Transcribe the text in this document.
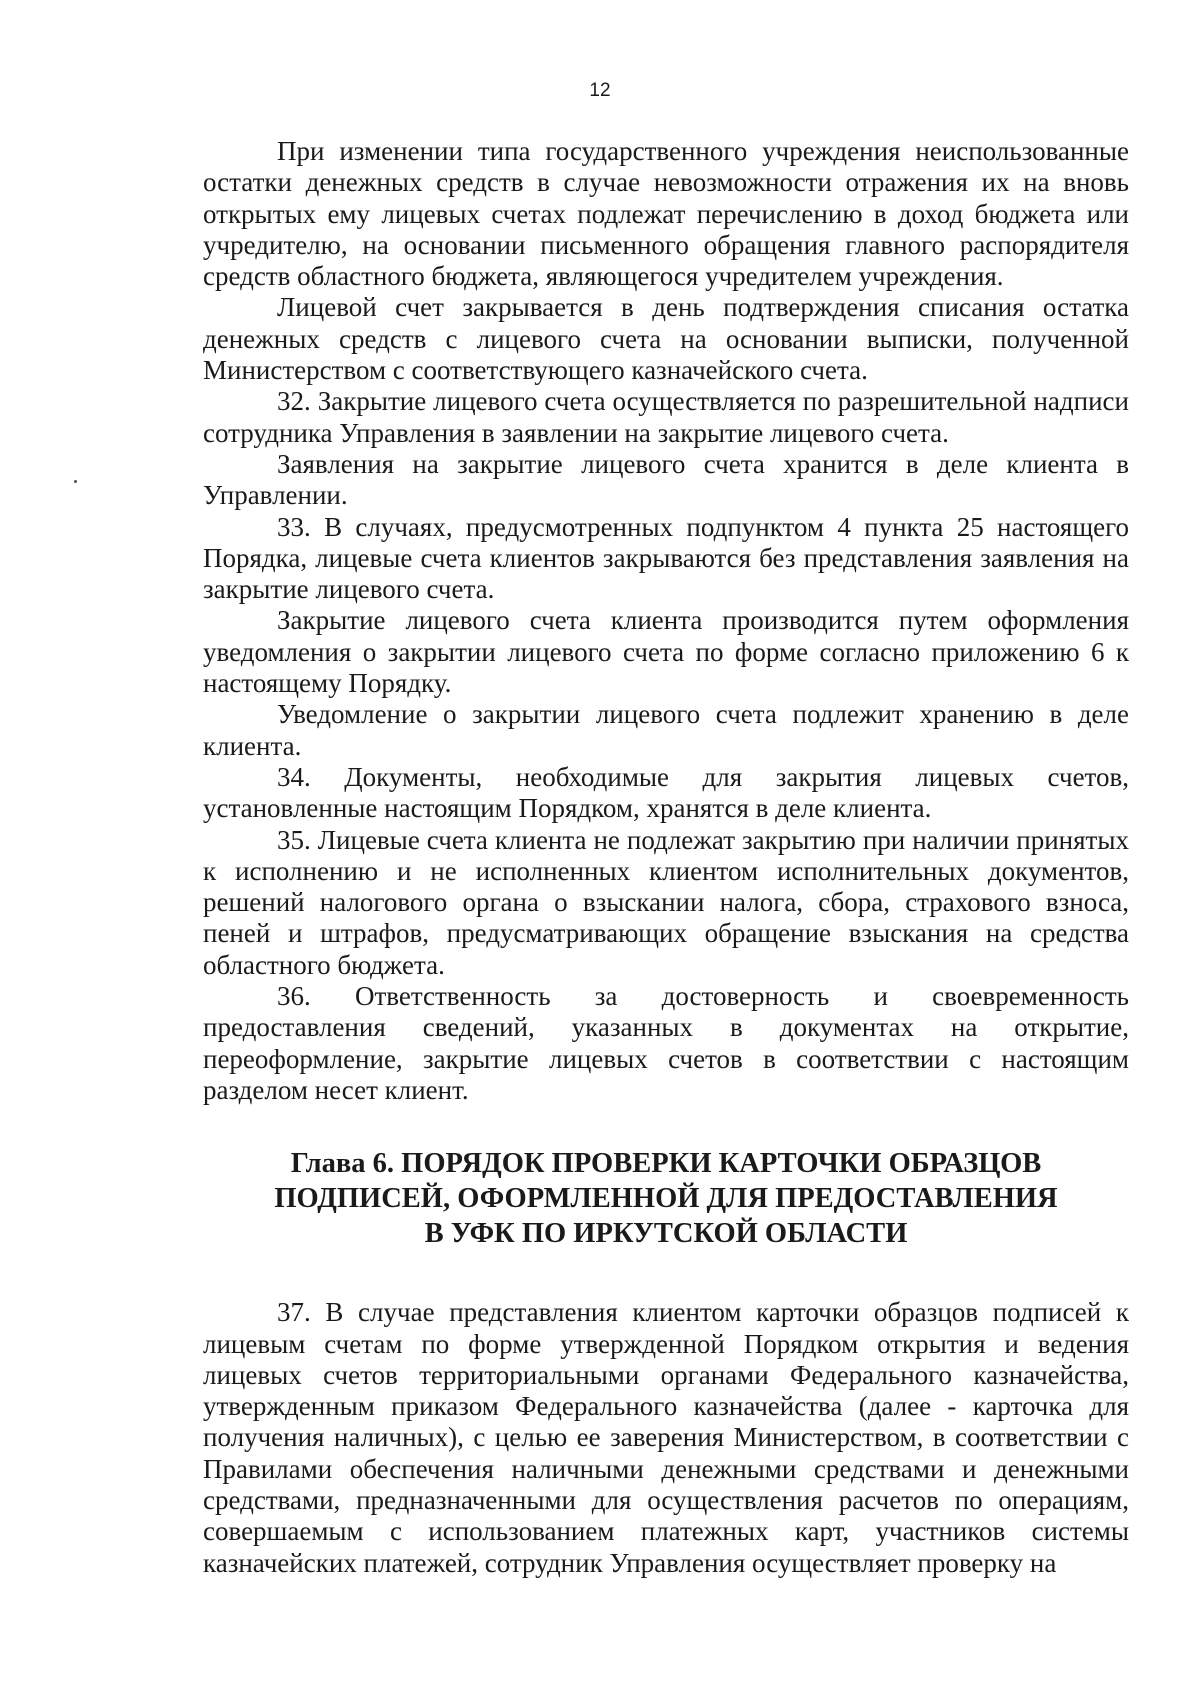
12

При изменении типа государственного учреждения неиспользованные остатки денежных средств в случае невозможности отражения их на вновь открытых ему лицевых счетах подлежат перечислению в доход бюджета или учредителю, на основании письменного обращения главного распорядителя средств областного бюджета, являющегося учредителем учреждения.

Лицевой счет закрывается в день подтверждения списания остатка денежных средств с лицевого счета на основании выписки, полученной Министерством с соответствующего казначейского счета.

32. Закрытие лицевого счета осуществляется по разрешительной надписи сотрудника Управления в заявлении на закрытие лицевого счета.

Заявления на закрытие лицевого счета хранится в деле клиента в Управлении.

33. В случаях, предусмотренных подпунктом 4 пункта 25 настоящего Порядка, лицевые счета клиентов закрываются без представления заявления на закрытие лицевого счета.

Закрытие лицевого счета клиента производится путем оформления уведомления о закрытии лицевого счета по форме согласно приложению 6 к настоящему Порядку.

Уведомление о закрытии лицевого счета подлежит хранению в деле клиента.

34. Документы, необходимые для закрытия лицевых счетов, установленные настоящим Порядком, хранятся в деле клиента.

35. Лицевые счета клиента не подлежат закрытию при наличии принятых к исполнению и не исполненных клиентом исполнительных документов, решений налогового органа о взыскании налога, сбора, страхового взноса, пеней и штрафов, предусматривающих обращение взыскания на средства областного бюджета.

36. Ответственность за достоверность и своевременность предоставления сведений, указанных в документах на открытие, переоформление, закрытие лицевых счетов в соответствии с настоящим разделом несет клиент.

Глава 6. ПОРЯДОК ПРОВЕРКИ КАРТОЧКИ ОБРАЗЦОВ
ПОДПИСЕЙ, ОФОРМЛЕННОЙ ДЛЯ ПРЕДОСТАВЛЕНИЯ
В УФК ПО ИРКУТСКОЙ ОБЛАСТИ

37. В случае представления клиентом карточки образцов подписей к лицевым счетам по форме утвержденной Порядком открытия и ведения лицевых счетов территориальными органами Федерального казначейства, утвержденным приказом Федерального казначейства (далее - карточка для получения наличных), с целью ее заверения Министерством, в соответствии с Правилами обеспечения наличными денежными средствами и денежными средствами, предназначенными для осуществления расчетов по операциям, совершаемым с использованием платежных карт, участников системы казначейских платежей, сотрудник Управления осуществляет проверку на
